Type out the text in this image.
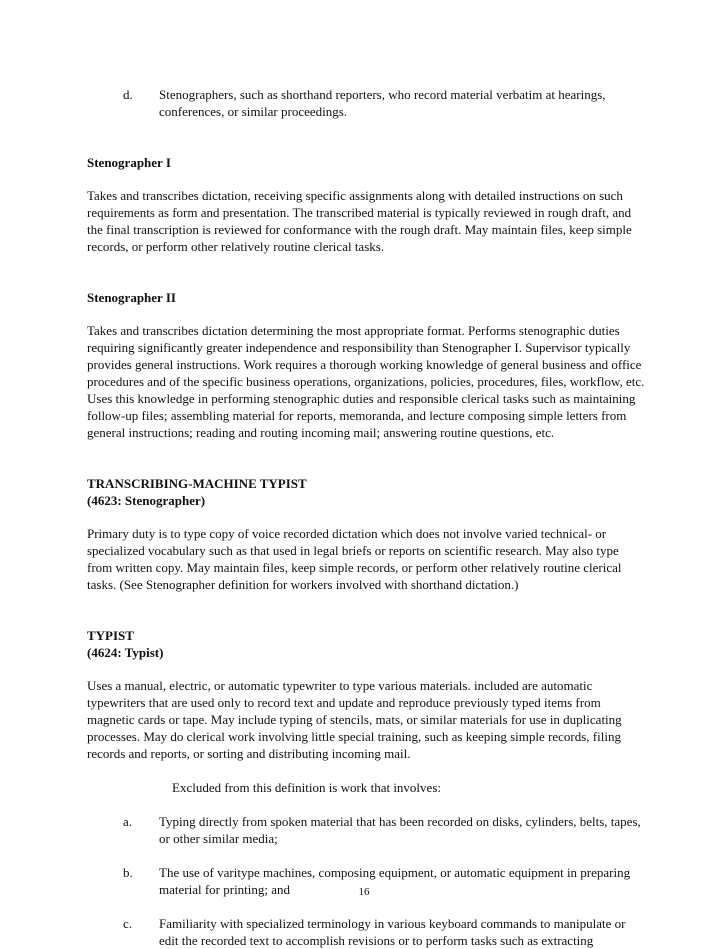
d.	Stenographers, such as shorthand reporters, who record material verbatim at hearings, conferences, or similar proceedings.

Stenographer I

Takes and transcribes dictation, receiving specific assignments along with detailed instructions on such requirements as form and presentation. The transcribed material is typically reviewed in rough draft, and the final transcription is reviewed for conformance with the rough draft. May maintain files, keep simple records, or perform other relatively routine clerical tasks.

Stenographer II

Takes and transcribes dictation determining the most appropriate format. Performs stenographic duties requiring significantly greater independence and responsibility than Stenographer I. Supervisor typically provides general instructions. Work requires a thorough working knowledge of general business and office procedures and of the specific business operations, organizations, policies, procedures, files, workflow, etc. Uses this knowledge in performing stenographic duties and responsible clerical tasks such as maintaining follow-up files; assembling material for reports, memoranda, and lecture composing simple letters from general instructions; reading and routing incoming mail; answering routine questions, etc.

TRANSCRIBING-MACHINE TYPIST

(4623: Stenographer)

Primary duty is to type copy of voice recorded dictation which does not involve varied technical- or specialized vocabulary such as that used in legal briefs or reports on scientific research. May also type from written copy. May maintain files, keep simple records, or perform other relatively routine clerical tasks. (See Stenographer definition for workers involved with shorthand dictation.)

TYPIST

(4624: Typist)

Uses a manual, electric, or automatic typewriter to type various materials. included are automatic typewriters that are used only to record text and update and reproduce previously typed items from magnetic cards or tape. May include typing of stencils, mats, or similar materials for use in duplicating processes. May do clerical work involving little special training, such as keeping simple records, filing records and reports, or sorting and distributing incoming mail.

Excluded from this definition is work that involves:

a.	Typing directly from spoken material that has been recorded on disks, cylinders, belts, tapes, or other similar media;
b.	The use of varitype machines, composing equipment, or automatic equipment in preparing material for printing; and
c.	Familiarity with specialized terminology in various keyboard commands to manipulate or edit the recorded text to accomplish revisions or to perform tasks such as extracting
16
